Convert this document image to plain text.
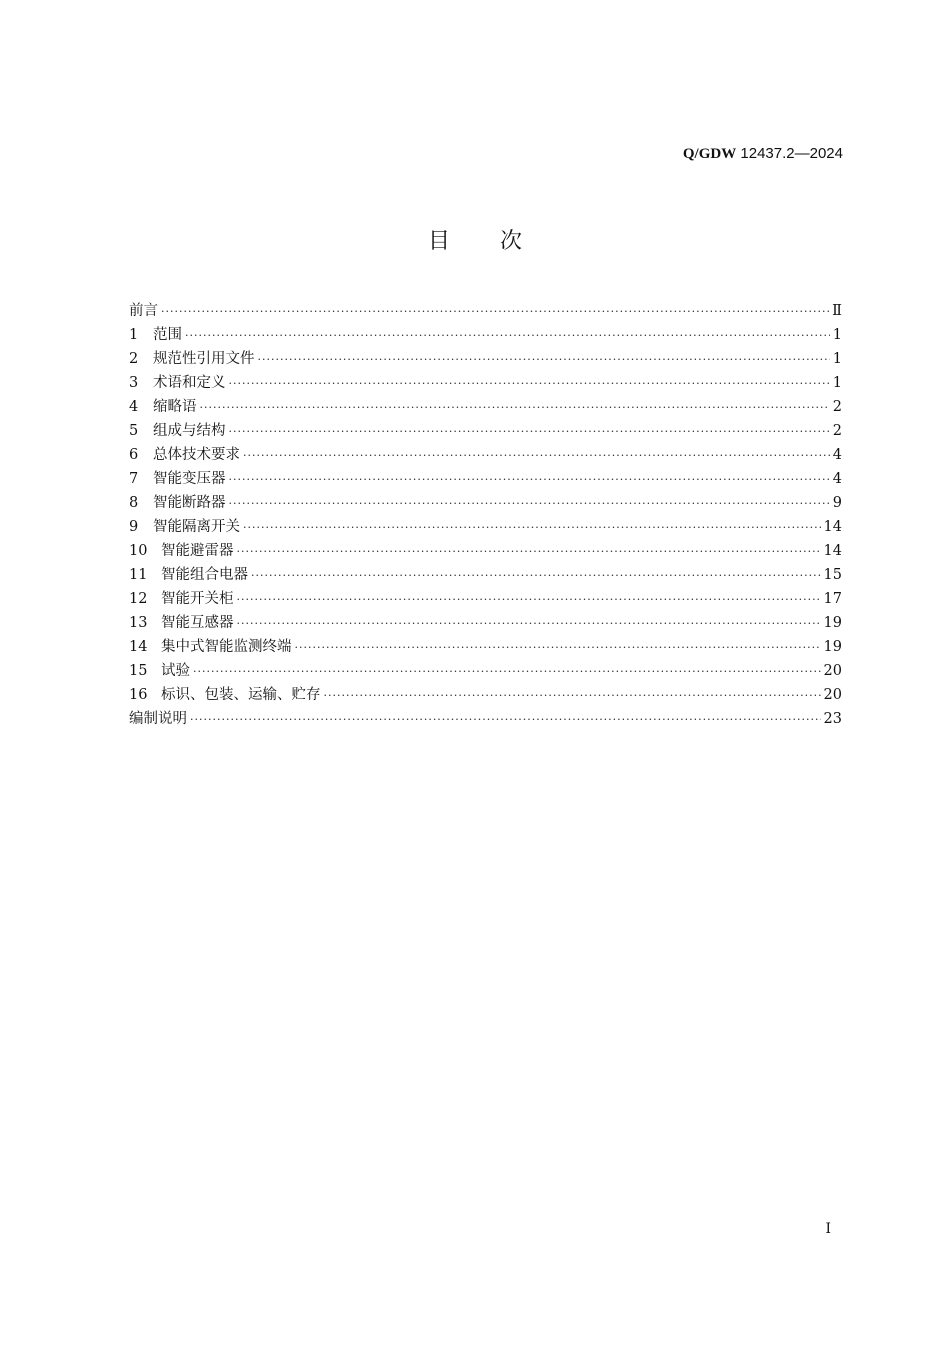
Q/GDW 12437.2—2024
目次
前言 ·····	Ⅱ
1	范围 ·····	1
2	规范性引用文件 ·····	1
3	术语和定义 ·····	1
4	缩略语 ·····	2
5	组成与结构 ·····	2
6	总体技术要求 ·····	4
7	智能变压器 ·····	4
8	智能断路器 ·····	9
9	智能隔离开关 ·····	14
10 智能避雷器 ·····	14
11 智能组合电器 ·····	15
12 智能开关柜 ·····	17
13 智能互感器 ·····	19
14 集中式智能监测终端 ·····	19
15 试验 ·····	20
16 标识、包装、运输、贮存 ·····	20
编制说明 ·····	23
I
